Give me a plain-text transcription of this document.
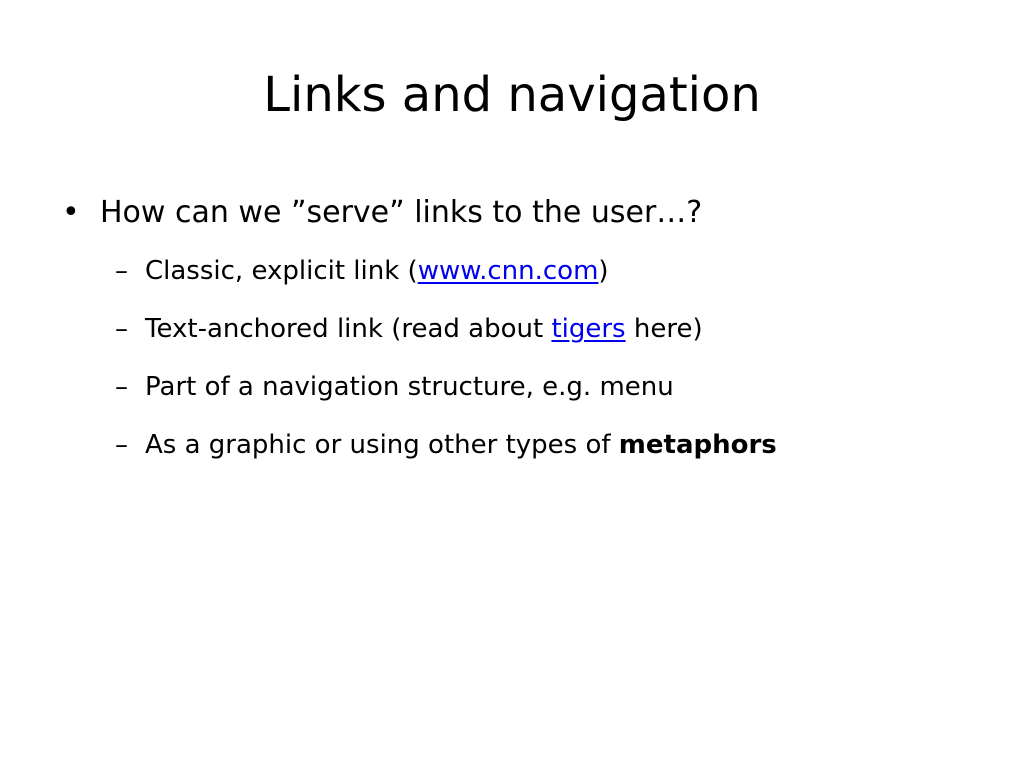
Links and navigation
• How can we ”serve” links to the user…?
– Classic, explicit link (www.cnn.com)
– Text-anchored link (read about tigers here)
– Part of a navigation structure, e.g. menu
– As a graphic or using other types of metaphors
